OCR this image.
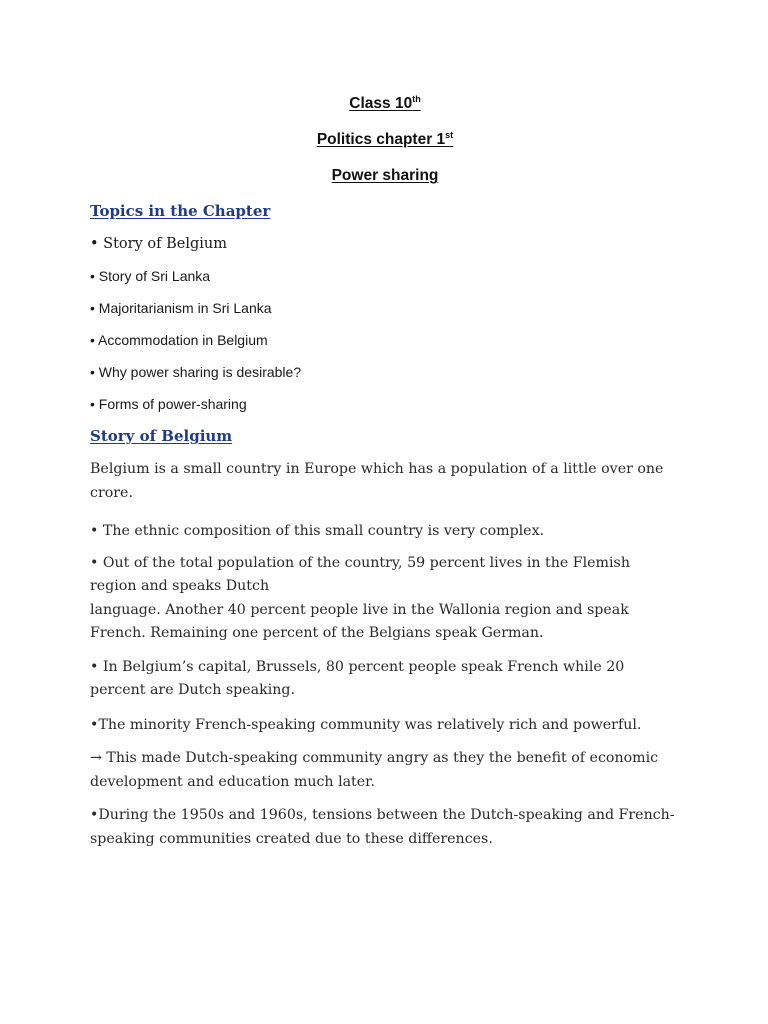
Class 10th

Politics chapter 1st

Power sharing

Topics in the Chapter

• Story of Belgium
• Story of Sri Lanka
• Majoritarianism in Sri Lanka
• Accommodation in Belgium
• Why power sharing is desirable?
• Forms of power-sharing

Story of Belgium

Belgium is a small country in Europe which has a population of a little over one crore.

• The ethnic composition of this small country is very complex.

• Out of the total population of the country, 59 percent lives in the Flemish region and speaks Dutch

language. Another 40 percent people live in the Wallonia region and speak French. Remaining one percent of the Belgians speak German.

• In Belgium’s capital, Brussels, 80 percent people speak French while 20 percent are Dutch speaking.

•The minority French-speaking community was relatively rich and powerful.

→ This made Dutch-speaking community angry as they the benefit of economic development and education much later.

•During the 1950s and 1960s, tensions between the Dutch-speaking and French-speaking communities created due to these differences.
